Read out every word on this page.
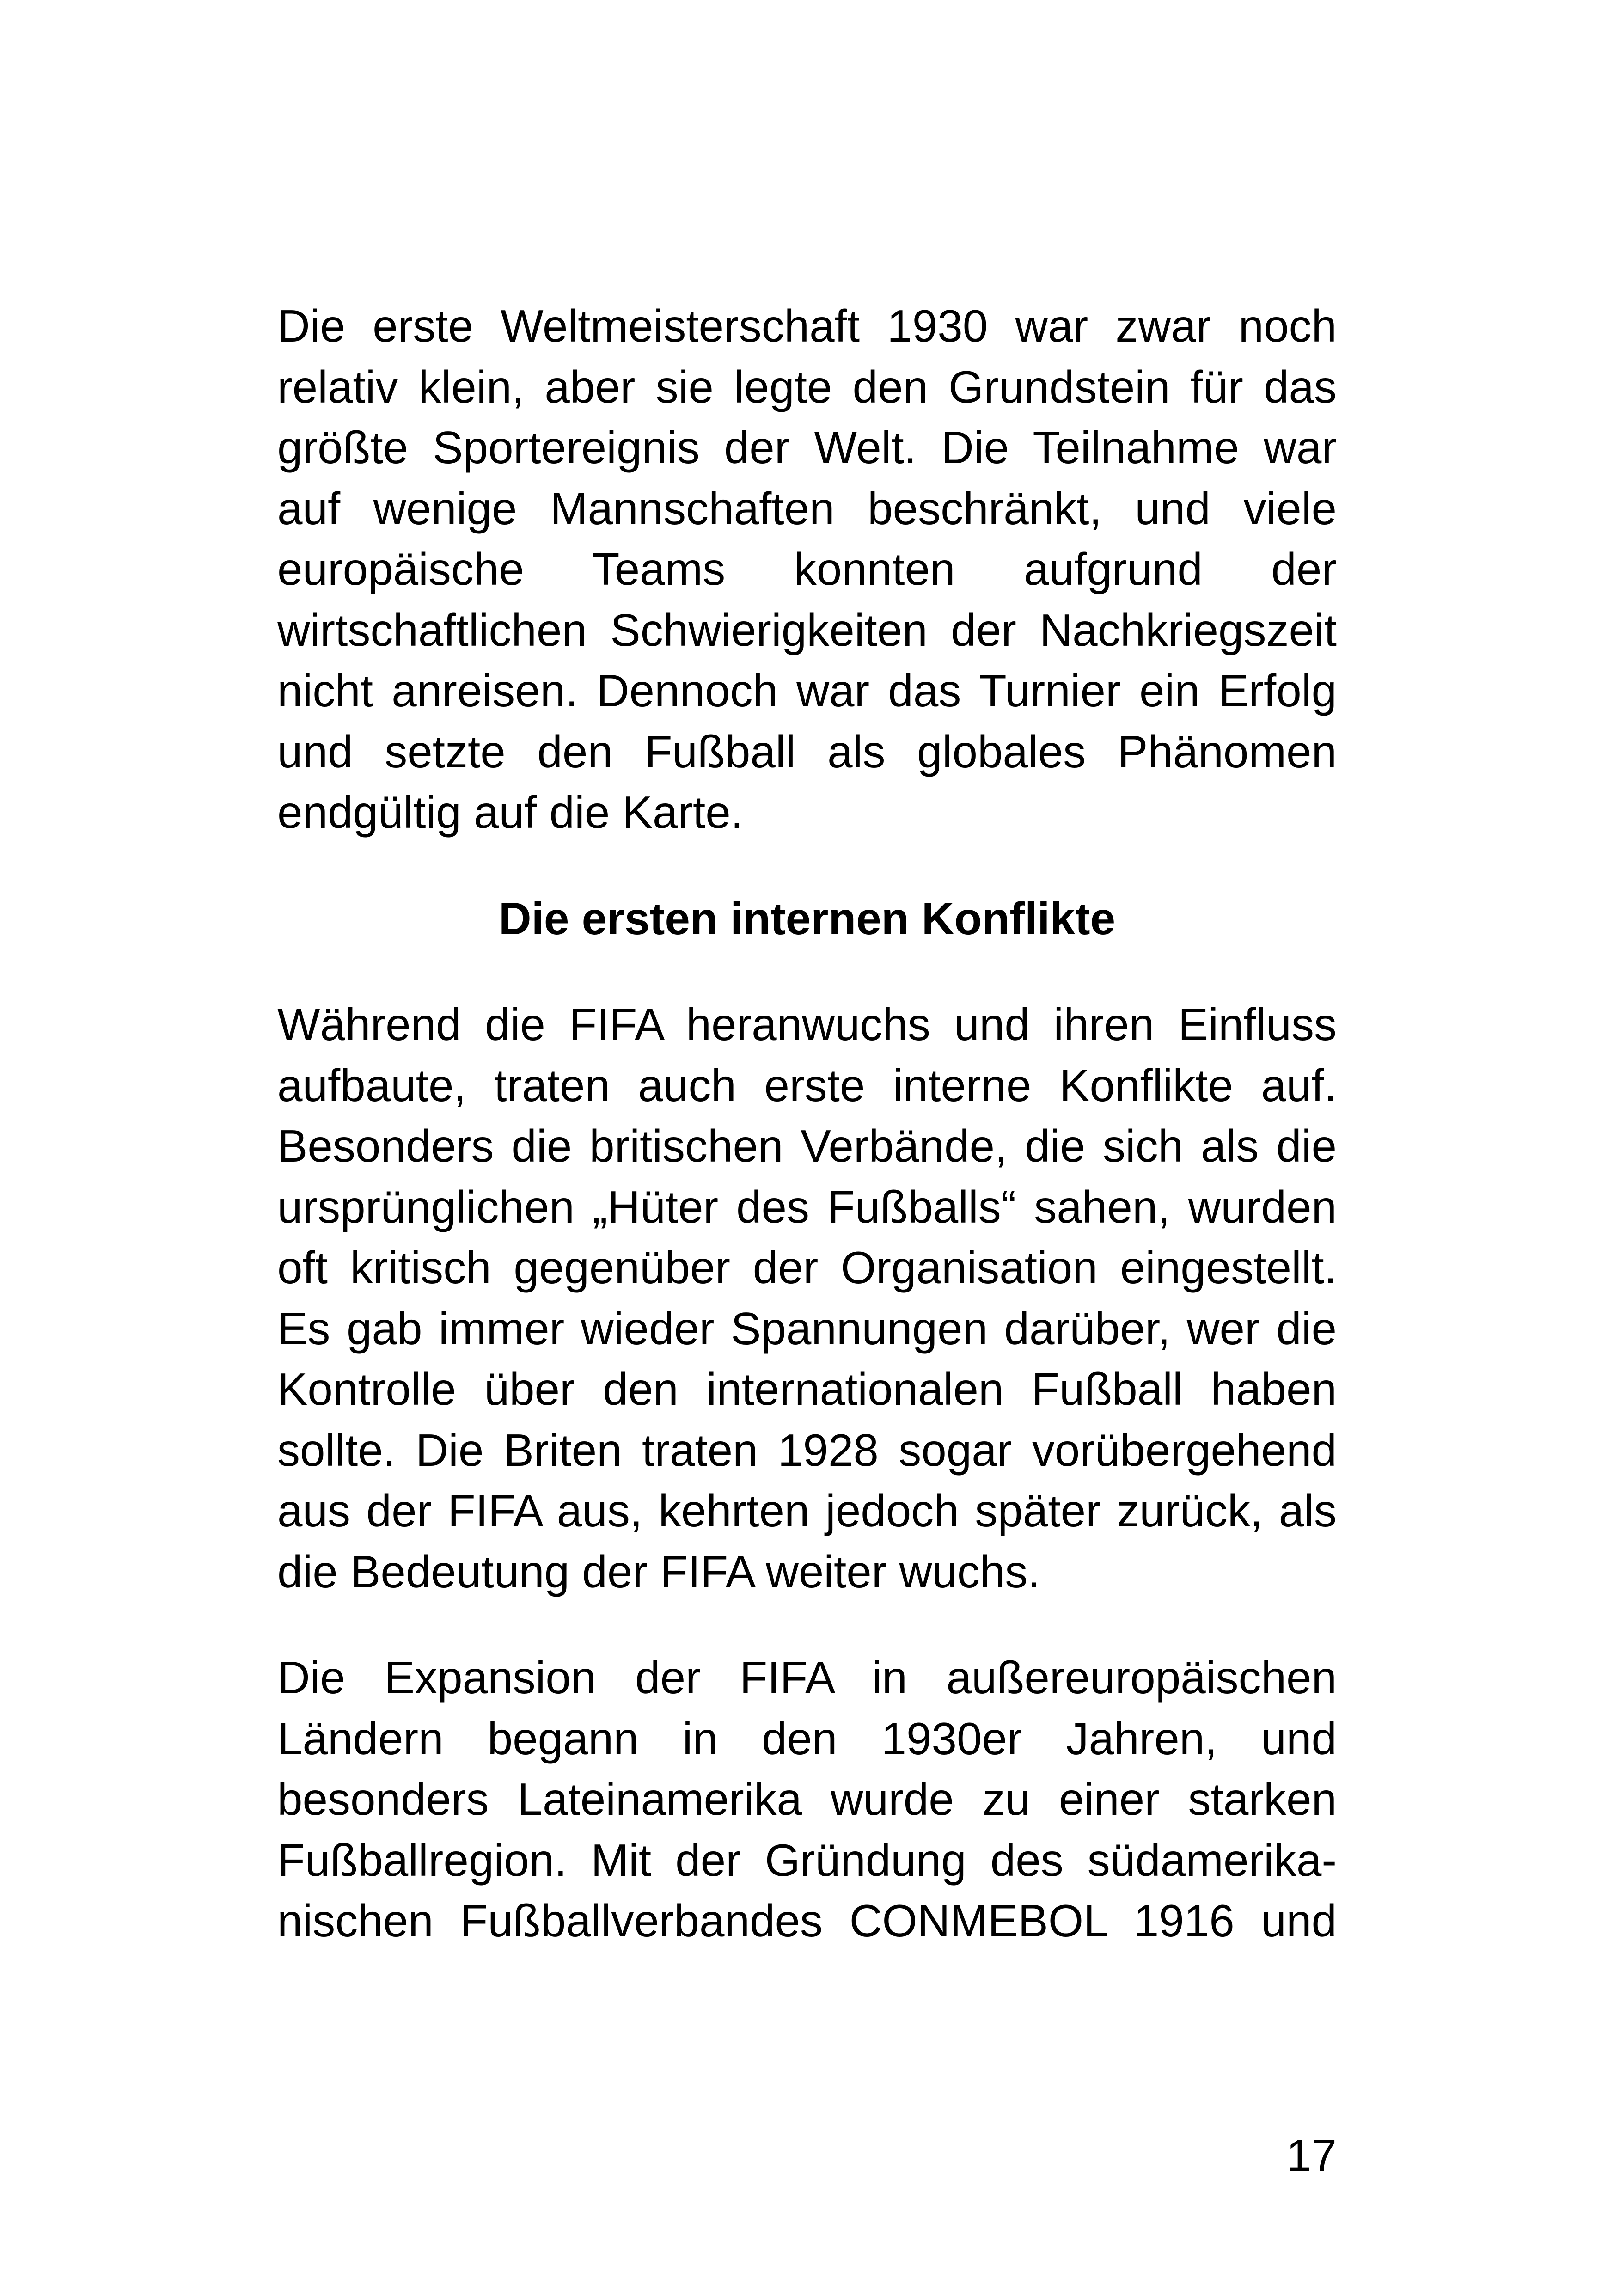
Die erste Weltmeisterschaft 1930 war zwar noch
relativ klein, aber sie legte den Grundstein für das
größte Sportereignis der Welt. Die Teilnahme war
auf wenige Mannschaften beschränkt, und viele
europäische Teams konnten aufgrund der
wirtschaftlichen Schwierigkeiten der Nachkriegszeit
nicht anreisen. Dennoch war das Turnier ein Erfolg
und setzte den Fußball als globales Phänomen
endgültig auf die Karte.
Die ersten internen Konflikte
Während die FIFA heranwuchs und ihren Einfluss
aufbaute, traten auch erste interne Konflikte auf.
Besonders die britischen Verbände, die sich als die
ursprünglichen „Hüter des Fußballs“ sahen, wurden
oft kritisch gegenüber der Organisation eingestellt.
Es gab immer wieder Spannungen darüber, wer die
Kontrolle über den internationalen Fußball haben
sollte. Die Briten traten 1928 sogar vorübergehend
aus der FIFA aus, kehrten jedoch später zurück, als
die Bedeutung der FIFA weiter wuchs.
Die Expansion der FIFA in außereuropäischen
Ländern begann in den 1930er Jahren, und
besonders Lateinamerika wurde zu einer starken
Fußballregion. Mit der Gründung des südamerika-
nischen Fußballverbandes CONMEBOL 1916 und
17
